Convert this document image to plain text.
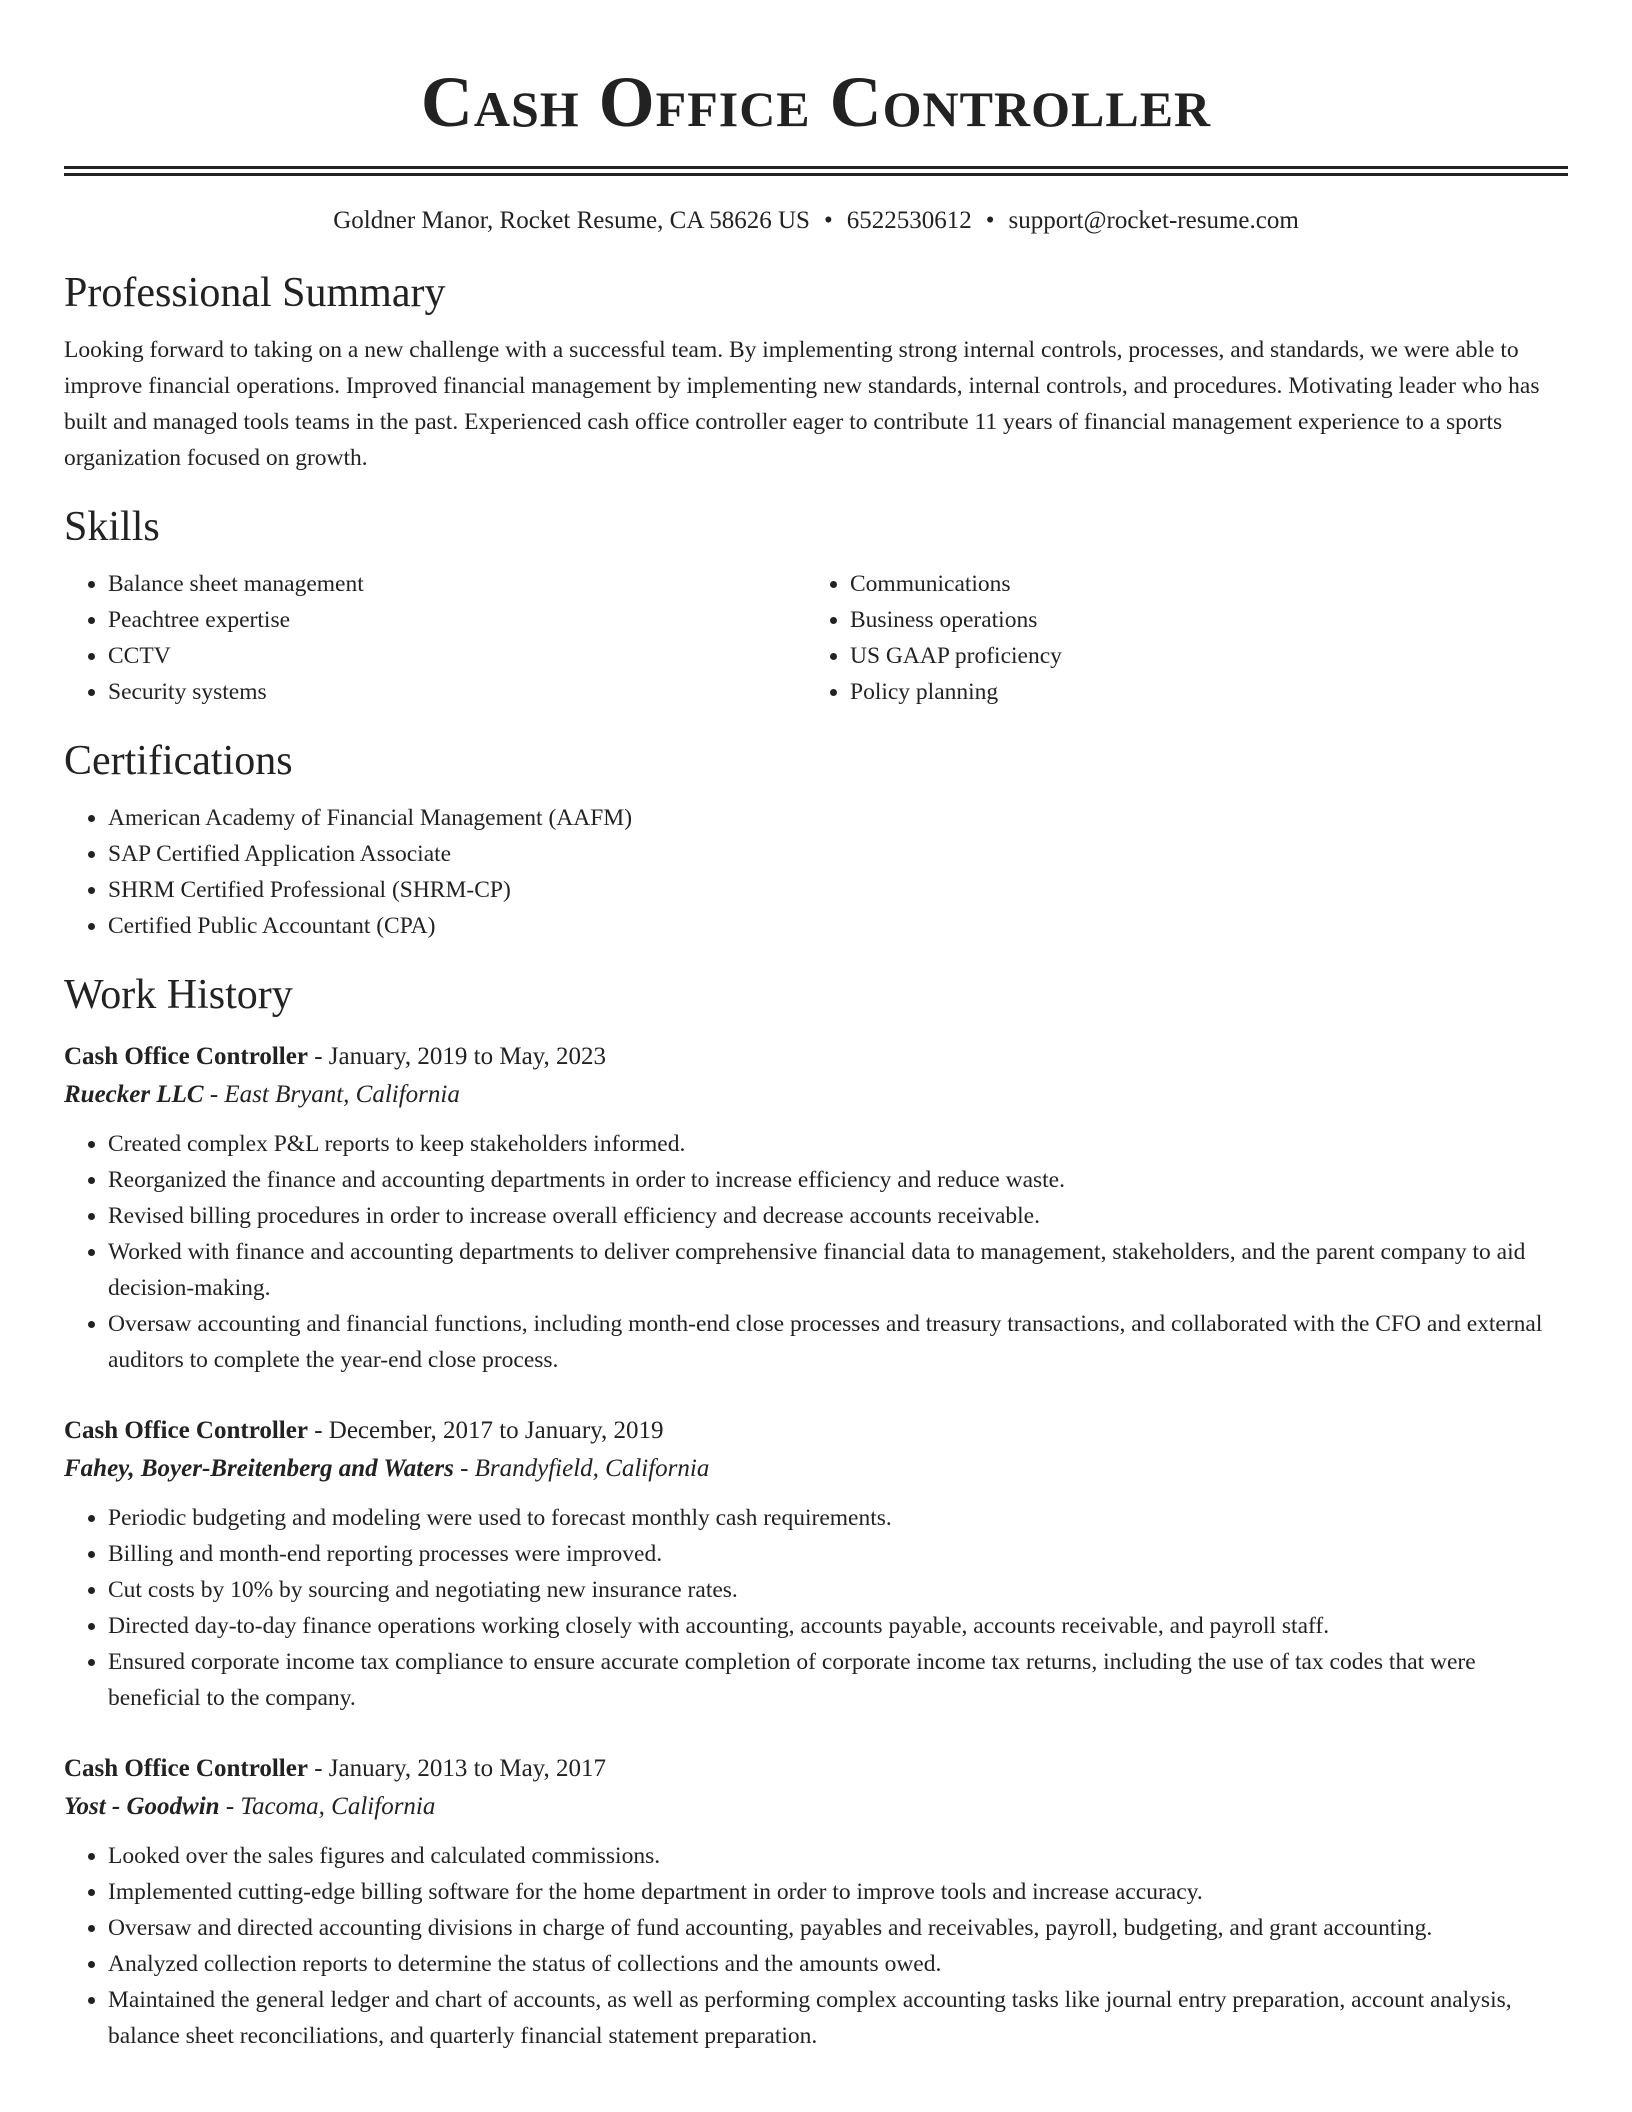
Cash Office Controller
Goldner Manor, Rocket Resume, CA 58626 US • 6522530612 • support@rocket-resume.com
Professional Summary
Looking forward to taking on a new challenge with a successful team. By implementing strong internal controls, processes, and standards, we were able to improve financial operations. Improved financial management by implementing new standards, internal controls, and procedures. Motivating leader who has built and managed tools teams in the past. Experienced cash office controller eager to contribute 11 years of financial management experience to a sports organization focused on growth.
Skills
• Balance sheet management
• Peachtree expertise
• CCTV
• Security systems
• Communications
• Business operations
• US GAAP proficiency
• Policy planning
Certifications
• American Academy of Financial Management (AAFM)
• SAP Certified Application Associate
• SHRM Certified Professional (SHRM-CP)
• Certified Public Accountant (CPA)
Work History
Cash Office Controller - January, 2019 to May, 2023
Ruecker LLC - East Bryant, California
• Created complex P&L reports to keep stakeholders informed.
• Reorganized the finance and accounting departments in order to increase efficiency and reduce waste.
• Revised billing procedures in order to increase overall efficiency and decrease accounts receivable.
• Worked with finance and accounting departments to deliver comprehensive financial data to management, stakeholders, and the parent company to aid decision-making.
• Oversaw accounting and financial functions, including month-end close processes and treasury transactions, and collaborated with the CFO and external auditors to complete the year-end close process.
Cash Office Controller - December, 2017 to January, 2019
Fahey, Boyer-Breitenberg and Waters - Brandyfield, California
• Periodic budgeting and modeling were used to forecast monthly cash requirements.
• Billing and month-end reporting processes were improved.
• Cut costs by 10% by sourcing and negotiating new insurance rates.
• Directed day-to-day finance operations working closely with accounting, accounts payable, accounts receivable, and payroll staff.
• Ensured corporate income tax compliance to ensure accurate completion of corporate income tax returns, including the use of tax codes that were beneficial to the company.
Cash Office Controller - January, 2013 to May, 2017
Yost - Goodwin - Tacoma, California
• Looked over the sales figures and calculated commissions.
• Implemented cutting-edge billing software for the home department in order to improve tools and increase accuracy.
• Oversaw and directed accounting divisions in charge of fund accounting, payables and receivables, payroll, budgeting, and grant accounting.
• Analyzed collection reports to determine the status of collections and the amounts owed.
• Maintained the general ledger and chart of accounts, as well as performing complex accounting tasks like journal entry preparation, account analysis, balance sheet reconciliations, and quarterly financial statement preparation.
